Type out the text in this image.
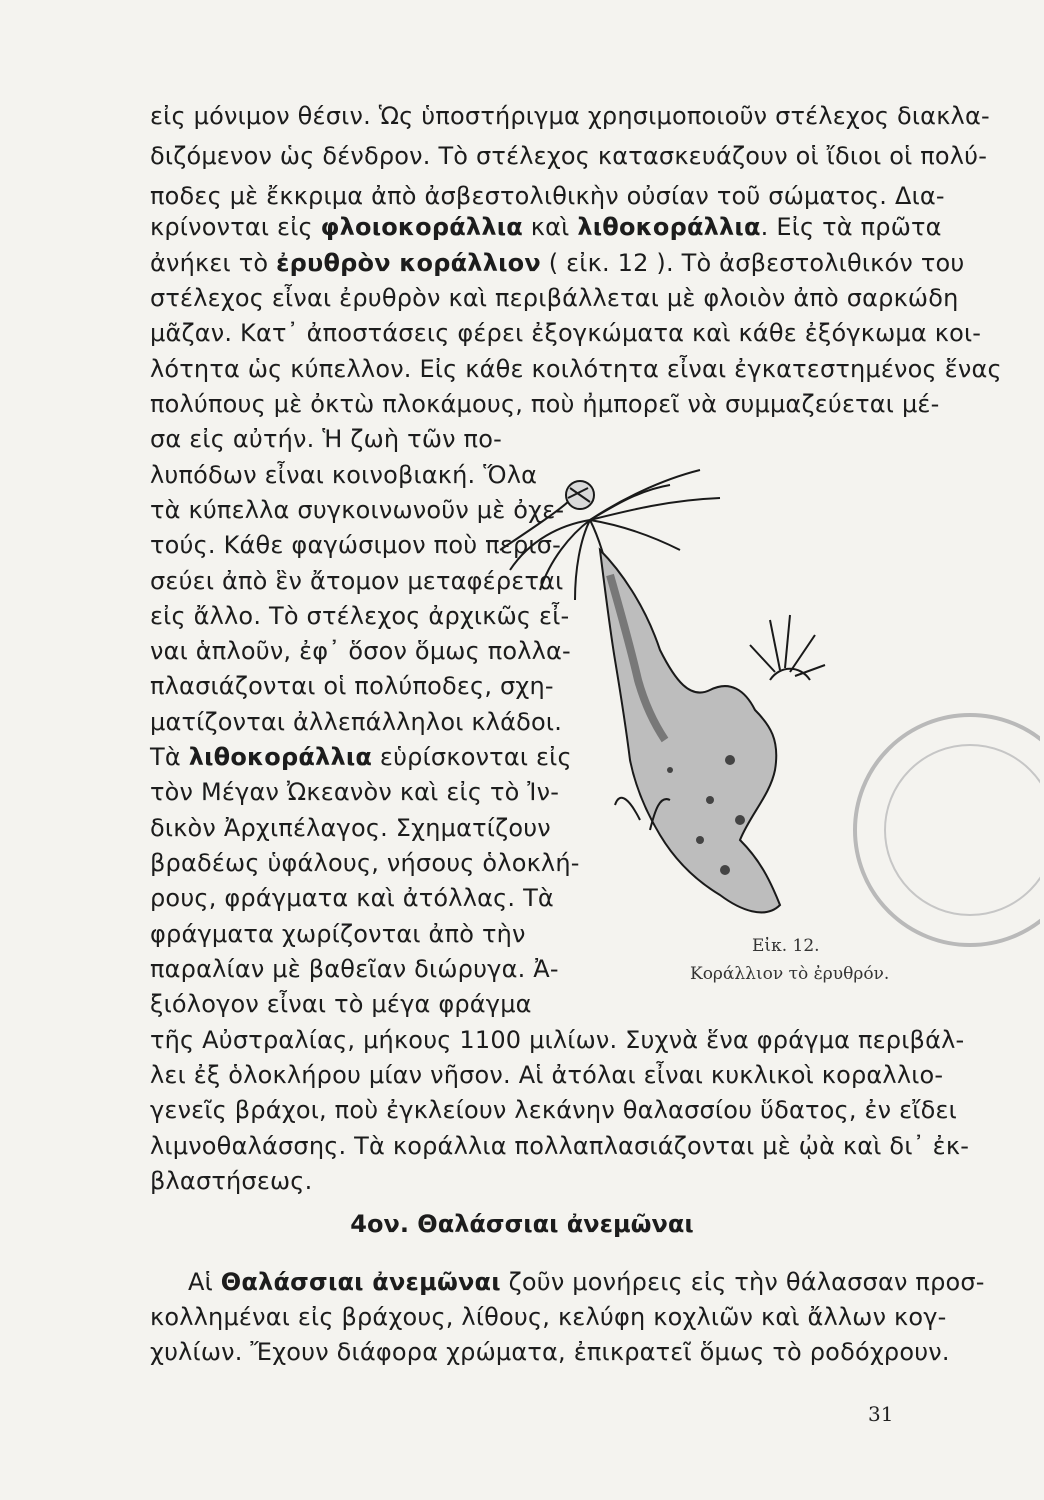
εἰς μόνιμον θέσιν. Ὡς ὑποστήριγμα χρησιμοποιοῦν στέλεχος διακλα-
διζόμενον ὡς δένδρον. Τὸ στέλεχος κατασκευάζουν οἱ ἴδιοι οἱ πολύ-
ποδες μὲ ἔκκριμα ἀπὸ ἀσβεστολιθικὴν οὐσίαν τοῦ σώματος. Δια-
κρίνονται εἰς φλοιοκοράλλια καὶ λιθοκοράλλια. Εἰς τὰ πρῶτα
ἀνήκει τὸ ἐρυθρὸν κοράλλιον ( εἰκ. 12 ). Τὸ ἀσβεστολιθικόν του
στέλεχος εἶναι ἐρυθρὸν καὶ περιβάλλεται μὲ φλοιὸν ἀπὸ σαρκώδη
μᾶζαν. Κατ᾽ ἀποστάσεις φέρει ἐξογκώματα καὶ κάθε ἐξόγκωμα κοι-
λότητα ὡς κύπελλον. Εἰς κάθε κοιλότητα εἶναι ἐγκατεστημένος ἕνας
πολύπους μὲ ὀκτὼ πλοκάμους, ποὺ ἠμπορεῖ νὰ συμμαζεύεται μέ-
σα εἰς αὐτήν. Ἡ ζωὴ τῶν πο-
λυπόδων εἶναι κοινοβιακή. Ὅλα
τὰ κύπελλα συγκοινωνοῦν μὲ ὀχε-
τούς. Κάθε φαγώσιμον ποὺ περισ-
σεύει ἀπὸ ἓν ἄτομον μεταφέρεται
εἰς ἄλλο. Τὸ στέλεχος ἀρχικῶς εἶ-
ναι ἁπλοῦν, ἐφ᾽ ὅσον ὅμως πολλα-
πλασιάζονται οἱ πολύποδες, σχη-
ματίζονται ἀλλεπάλληλοι κλάδοι.
Τὰ λιθοκοράλλια εὑρίσκονται εἰς
τὸν Μέγαν Ὠκεανὸν καὶ εἰς τὸ Ἰν-
δικὸν Ἀρχιπέλαγος. Σχηματίζουν
βραδέως ὑφάλους, νήσους ὁλοκλή-
ρους, φράγματα καὶ ἀτόλλας. Τὰ
φράγματα χωρίζονται ἀπὸ τὴν
παραλίαν μὲ βαθεῖαν διώρυγα. Ἀ-
ξιόλογον εἶναι τὸ μέγα φράγμα
τῆς Αὐστραλίας, μήκους 1100 μιλίων. Συχνὰ ἕνα φράγμα περιβάλ-
λει ἐξ ὁλοκλήρου μίαν νῆσον. Αἱ ἀτόλαι εἶναι κυκλικοὶ κοραλλιο-
γενεῖς βράχοι, ποὺ ἐγκλείουν λεκάνην θαλασσίου ὕδατος, ἐν εἴδει
λιμνοθαλάσσης. Τὰ κοράλλια πολλαπλασιάζονται μὲ ᾠὰ καὶ δι᾽ ἐκ-
βλαστήσεως.
4ον. Θαλάσσιαι ἀνεμῶναι
Αἱ Θαλάσσιαι ἀνεμῶναι ζοῦν μονήρεις εἰς τὴν θάλασσαν προσ-
κολλημέναι εἰς βράχους, λίθους, κελύφη κοχλιῶν καὶ ἄλλων κογ-
χυλίων. Ἔχουν διάφορα χρώματα, ἐπικρατεῖ ὅμως τὸ ροδόχρουν.
Εἰκ. 12.
Κοράλλιον τὸ ἐρυθρόν.
31
